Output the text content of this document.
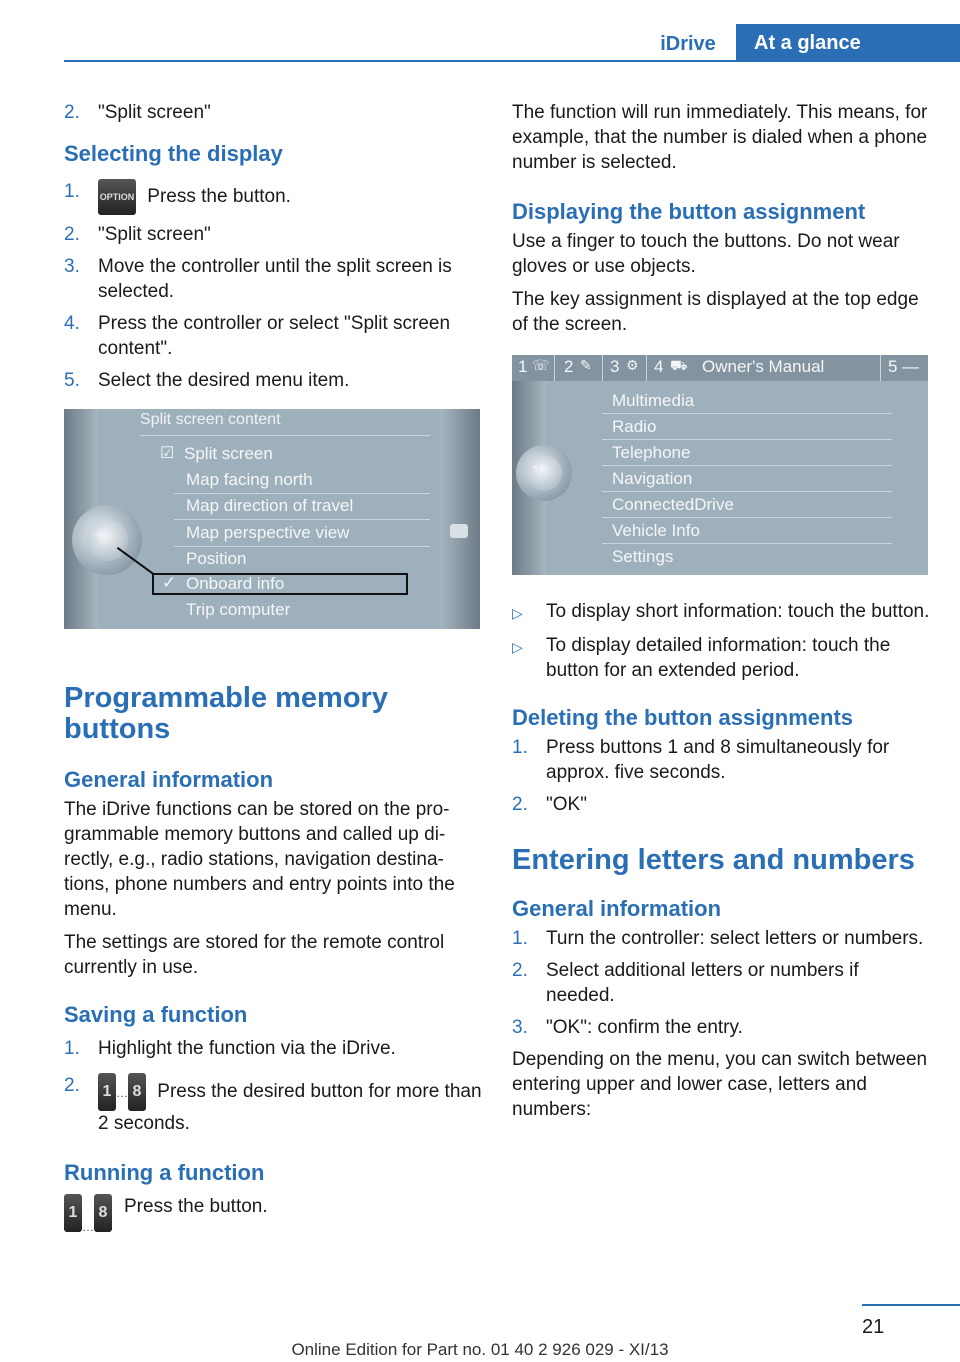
iDrive	At a glance
2. "Split screen"
Selecting the display
1.	OPTION Press the button.
2. "Split screen"
3. Move the controller until the split screen is selected.
4. Press the controller or select "Split screen content".
5. Select the desired menu item.
Split screen content
☑ Split screen
Map facing north
Map direction of travel
Map perspective view
Position
✓ Onboard info
Trip computer
◂
Programmable memory buttons
General information
The iDrive functions can be stored on the programmable memory buttons and called up directly, e.g., radio stations, navigation destinations, phone numbers and entry points into the menu.
The settings are stored for the remote control currently in use.
Saving a function
1. Highlight the function via the iDrive.
2.	1 … 8 Press the desired button for more than 2 seconds.
Running a function
1
…
8 Press the button.
The function will run immediately. This means, for example, that the number is dialed when a phone number is selected.
Displaying the button assignment
Use a finger to touch the buttons. Do not wear gloves or use objects.
The key assignment is displayed at the top edge of the screen.
1 ☏ 2 ✎ 3 ⚙ 4 ⛟ Owner's Manual	5 —
Multimedia
Radio
Telephone
Navigation
ConnectedDrive
Vehicle Info
Settings
◂ ▸
▷	To display short information: touch the button.
▷	To display detailed information: touch the button for an extended period.
Deleting the button assignments
1. Press buttons 1 and 8 simultaneously for approx. five seconds.
2. "OK"
Entering letters and numbers
General information
1. Turn the controller: select letters or numbers.
2. Select additional letters or numbers if needed.
3. "OK": confirm the entry.
Depending on the menu, you can switch between entering upper and lower case, letters and numbers:
21
Online Edition for Part no. 01 40 2 926 029 - XI/13
